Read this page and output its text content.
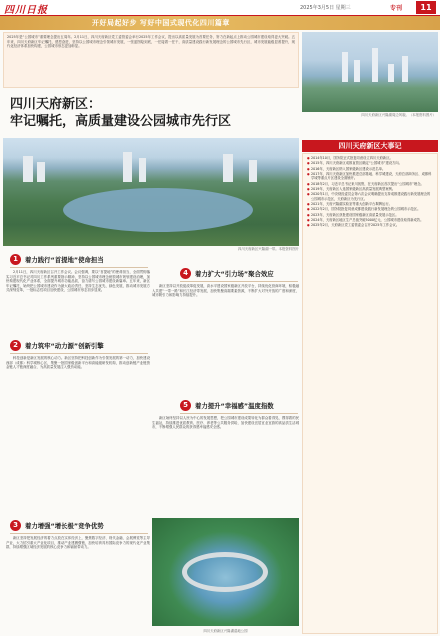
四川日报	2025年3月5日 星期三	专刊	11
开好局起好步 写好中国式现代化四川篇章

2025年是“公园城市”重要理念提出五周年。2月11日，四川天府新区党工委管委会举行2025年工作会议，提出以高质量发展为首要任务，努力在新起点上推动公园城市建设取得更大突破。五年来，四川天府新区牢记嘱托、感恩奋进，坚持以公园城市理念引领城市发展，一张蓝图绘到底，一任接着一任干，高质量建设践行新发展理念的公园城市先行区，城市发展能级显著提升，现代化经济体系加快构建，公园城市形态更加彰显。

四川天府新区：
牢记嘱托，高质量建设公园城市先行区	四川天府新区兴隆湖周边风貌。（本报资料图片）
四川天府新区兴隆湖一带。本报资料图片
四川天府新区大事记
● 2014年10月，国务院正式批复同意设立四川天府新区。
● 2015年，四川天府新区成都直管区确定“公园城市”建设方向。
● 2016年，天府新区纳入国家级新区建设示范名单。
● 2017年，四川天府新区加快推进总部基地、科学城建设，天府总部商务区、成都科学城等重点片区建设全面铺开。
● 2018年2月，习近平总书记来川视察，在天府新区首次提出“公园城市”理念。
● 2019年，天府新区入选国家级新区高质量发展典型案例。
● 2020年1月，中央财经委员会第六次会议明确提出支持成都建设践行新发展理念的公园城市示范区，天府新区为先行区。
● 2021年，天府兴隆湖实验室等重大创新平台揭牌运行。
● 2022年2月，国务院批复同意成都建设践行新发展理念的公园城市示范区。
● 2023年，天府新区获批建设国家级新区高质量发展示范区。
● 2024年，天府新区地区生产总值突破5000亿元，公园城市建设取得新成效。
● 2025年2月，天府新区党工委管委会召开2025年工作会议。
1	着力践行“首提地”使命担当
2月11日，四川天府新区召开工作会议。会议强调，要以“首提地”的使命担当，全面贯彻落实习近平总书记对四川工作系列重要指示精神，坚持以公园城市理念统领城市规划建设治理，加快构建现代化产业体系，全面提升城市功能品质，奋力谱写公园城市建设新篇章。五年来，新区牢记嘱托，始终把公园城市建设作为最大政治责任，坚持生态优先、绿色发展，推动城市发展方式深刻变革，一批标志性项目加快建设，公园城市形态初步显现。
2	着力筑牢“动力源”创新引擎
科技创新是新区发展的核心动力。新区坚持把科技创新作为引领发展的第一动力，加快建设西部（成都）科学城核心区，集聚一批国家级创新平台和高能级研发机构，推动创新链产业链资金链人才链深度融合，为高质量发展注入强劲动能。
3	着力增强“增长极”竞争优势
新区坚持把发展经济的着力点放在实体经济上，聚焦数字经济、现代金融、会展博览等主导产业，大力招引重大产业化项目，推动产业建圈强链，加快培育具有国际竞争力的现代化产业集群，持续增强区域经济发展的核心竞争力和辐射带动力。
4	着力扩大“引力场”聚合效应
新区坚持以开放促改革促发展，高水平建设国家级新区开放平台，持续优化营商环境，积极融入共建“一带一路”和长江经济带发展，加快集聚高端要素资源，不断扩大对外开放的广度和深度，城市吸引力和影响力持续提升。
5	着力提升“幸福感”温度指数
新区始终坚持以人民为中心的发展思想，把公园城市建设成果转化为群众看得见、摸得着的民生福祉，持续推进优质教育、医疗、养老等公共服务供给，加快建设宜居宜业宜游的高品质生活城市，不断增强人民群众的获得感幸福感安全感。
四川天府新区兴隆湖湿地公园
